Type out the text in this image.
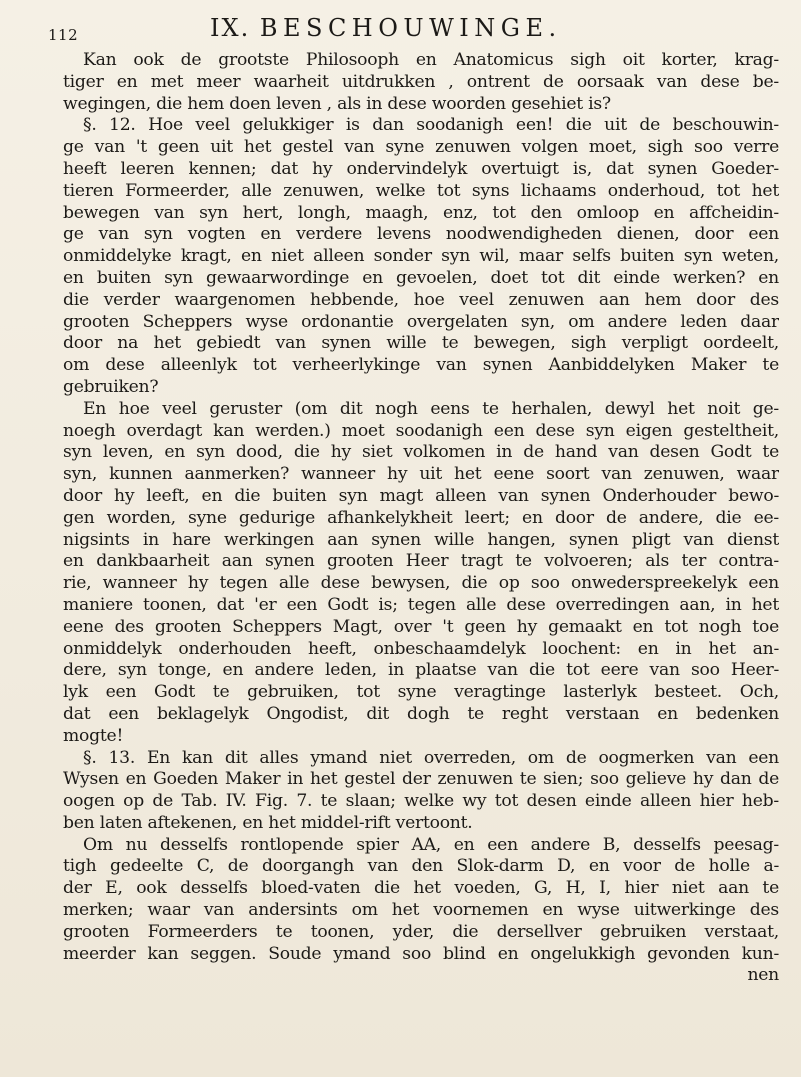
112	IX. BESCHOUWINGE.
Kan ook de grootste Philosooph en Anatomicus sigh oit korter, krag-
tiger en met meer waarheit uitdrukken , ontrent de oorsaak van dese be-
wegingen, die hem doen leven , als in dese woorden gesehiet is?
§. 12. Hoe veel gelukkiger is dan soodanigh een! die uit de beschouwin-
ge van 't geen uit het gestel van syne zenuwen volgen moet, sigh soo verre
heeft leeren kennen; dat hy ondervindelyk overtuigt is, dat synen Goeder-
tieren Formeerder, alle zenuwen, welke tot syns lichaams onderhoud, tot het
bewegen van syn hert, longh, maagh, enz, tot den omloop en affcheidin-
ge van syn vogten en verdere levens noodwendigheden dienen, door een
onmiddelyke kragt, en niet alleen sonder syn wil, maar selfs buiten syn weten,
en buiten syn gewaarwordinge en gevoelen, doet tot dit einde werken? en
die verder waargenomen hebbende, hoe veel zenuwen aan hem door des
grooten Scheppers wyse ordonantie overgelaten syn, om andere leden daar
door na het gebiedt van synen wille te bewegen, sigh verpligt oordeelt,
om dese alleenlyk tot verheerlykinge van synen Aanbiddelyken Maker te
gebruiken?
En hoe veel geruster (om dit nogh eens te herhalen, dewyl het noit ge-
noegh overdagt kan werden.) moet soodanigh een dese syn eigen gesteltheit,
syn leven, en syn dood, die hy siet volkomen in de hand van desen Godt te
syn, kunnen aanmerken? wanneer hy uit het eene soort van zenuwen, waar
door hy leeft, en die buiten syn magt alleen van synen Onderhouder bewo-
gen worden, syne gedurige afhankelykheit leert; en door de andere, die ee-
nigsints in hare werkingen aan synen wille hangen, synen pligt van dienst
en dankbaarheit aan synen grooten Heer tragt te volvoeren; als ter contra-
rie, wanneer hy tegen alle dese bewysen, die op soo onwederspreekelyk een
maniere toonen, dat 'er een Godt is; tegen alle dese overredingen aan, in het
eene des grooten Scheppers Magt, over 't geen hy gemaakt en tot nogh toe
onmiddelyk onderhouden heeft, onbeschaamdelyk loochent: en in het an-
dere, syn tonge, en andere leden, in plaatse van die tot eere van soo Heer-
lyk een Godt te gebruiken, tot syne veragtinge lasterlyk besteet. Och,
dat een beklagelyk Ongodist, dit dogh te reght verstaan en bedenken
mogte!
§. 13. En kan dit alles ymand niet overreden, om de oogmerken van een
Wysen en Goeden Maker in het gestel der zenuwen te sien; soo gelieve hy dan de
oogen op de Tab. IV. Fig. 7. te slaan; welke wy tot desen einde alleen hier heb-
ben laten aftekenen, en het middel-rift vertoont.
Om nu desselfs rontlopende spier AA, en een andere B, desselfs peesag-
tigh gedeelte C, de doorgangh van den Slok-darm D, en voor de holle a-
der E, ook desselfs bloed-vaten die het voeden, G, H, I, hier niet aan te
merken; waar van andersints om het voornemen en wyse uitwerkinge des
grooten Formeerders te toonen, yder, die dersellver gebruiken verstaat,
meerder kan seggen. Soude ymand soo blind en ongelukkigh gevonden kun-
nen
